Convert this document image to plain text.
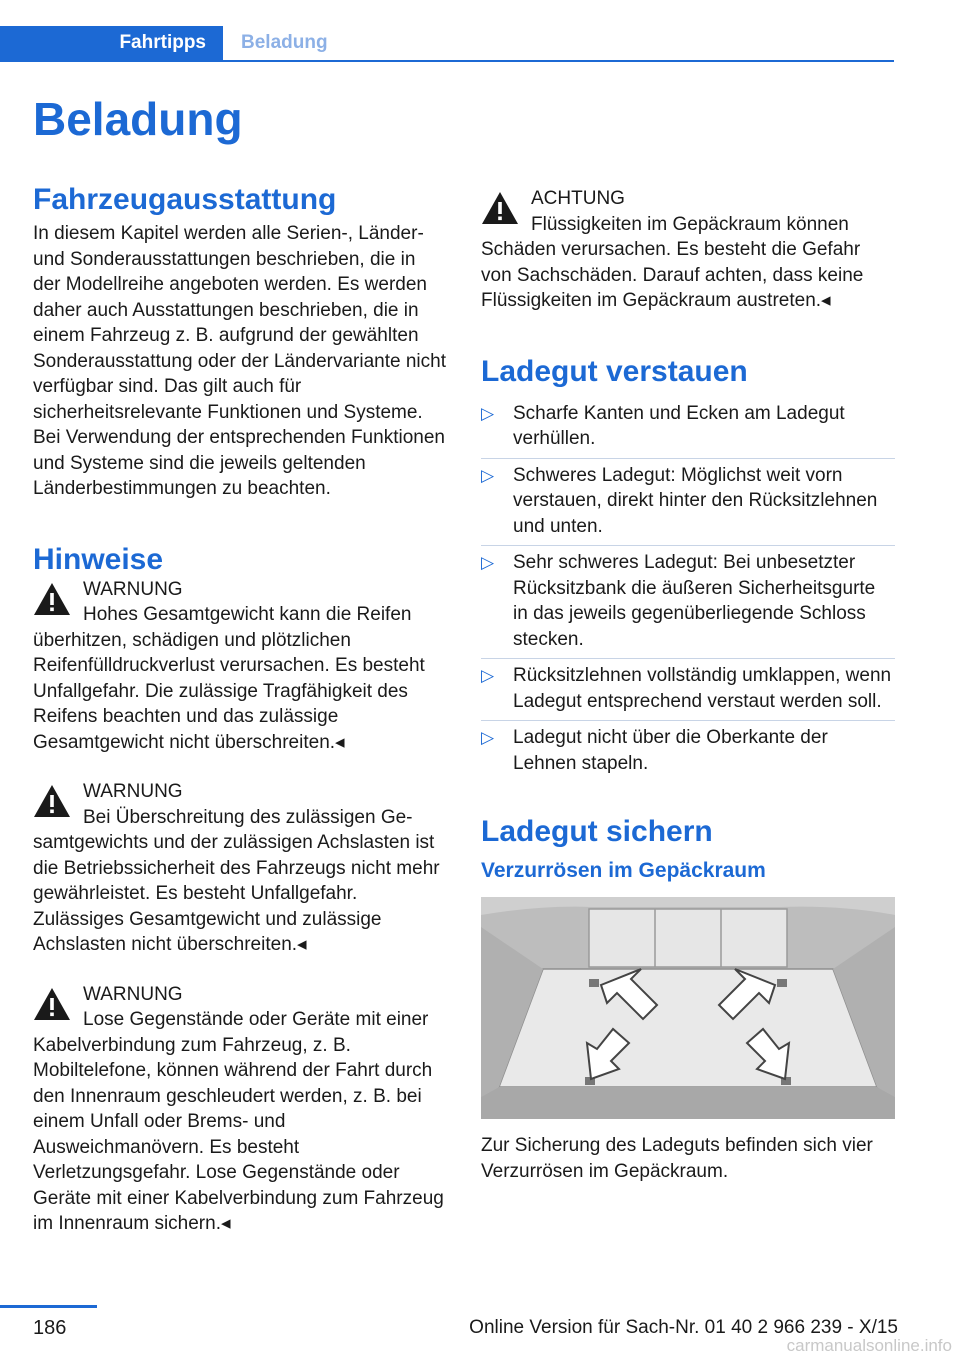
Fahrtipps	Beladung
Beladung
Fahrzeugausstattung

In diesem Kapitel werden alle Serien-, Länder- und Sonderausstattungen beschrieben, die in der Modellreihe angeboten werden. Es werden daher auch Ausstattungen beschrieben, die in einem Fahrzeug z. B. aufgrund der gewählten Sonderausstattung oder der Ländervariante nicht verfügbar sind. Das gilt auch für sicherheitsrelevante Funktionen und Systeme. Bei Verwendung der entsprechenden Funktionen und Systeme sind die jeweils geltenden Länderbestimmungen zu beachten.

Hinweise
WARNUNG
Hohes Gesamtgewicht kann die Reifen

überhitzen, schädigen und plötzlichen Reifenfülldruckverlust verursachen. Es besteht Unfallgefahr. Die zulässige Tragfähigkeit des Reifens beachten und das zulässige Gesamtgewicht nicht überschreiten.◂

WARNUNG
Bei Überschreitung des zulässigen Ge-

samtgewichts und der zulässigen Achslasten ist die Betriebssicherheit des Fahrzeugs nicht mehr gewährleistet. Es besteht Unfallgefahr. Zulässiges Gesamtgewicht und zulässige Achslasten nicht überschreiten.◂

WARNUNG
Lose Gegenstände oder Geräte mit einer

Kabelverbindung zum Fahrzeug, z. B. Mobiltelefone, können während der Fahrt durch den Innenraum geschleudert werden, z. B. bei einem Unfall oder Brems- und Ausweichmanövern. Es besteht Verletzungsgefahr. Lose Gegenstände oder Geräte mit einer Kabelverbindung zum Fahrzeug im Innenraum sichern.◂

ACHTUNG
Flüssigkeiten im Gepäckraum können

Schäden verursachen. Es besteht die Gefahr von Sachschäden. Darauf achten, dass keine Flüssigkeiten im Gepäckraum austreten.◂

Ladegut verstauen
▷ Scharfe Kanten und Ecken am Ladegut verhüllen.
▷ Schweres Ladegut: Möglichst weit vorn verstauen, direkt hinter den Rücksitzlehnen und unten.
▷ Sehr schweres Ladegut: Bei unbesetzter Rücksitzbank die äußeren Sicherheitsgurte in das jeweils gegenüberliegende Schloss stecken.
▷ Rücksitzlehnen vollständig umklappen, wenn Ladegut entsprechend verstaut werden soll.
▷ Ladegut nicht über die Oberkante der Lehnen stapeln.
Ladegut sichern
Verzurrösen im Gepäckraum

Zur Sicherung des Ladeguts befinden sich vier Verzurrösen im Gepäckraum.

186	Online Version für Sach-Nr. 01 40 2 966 239 - X/15
carmanualsonline.info
